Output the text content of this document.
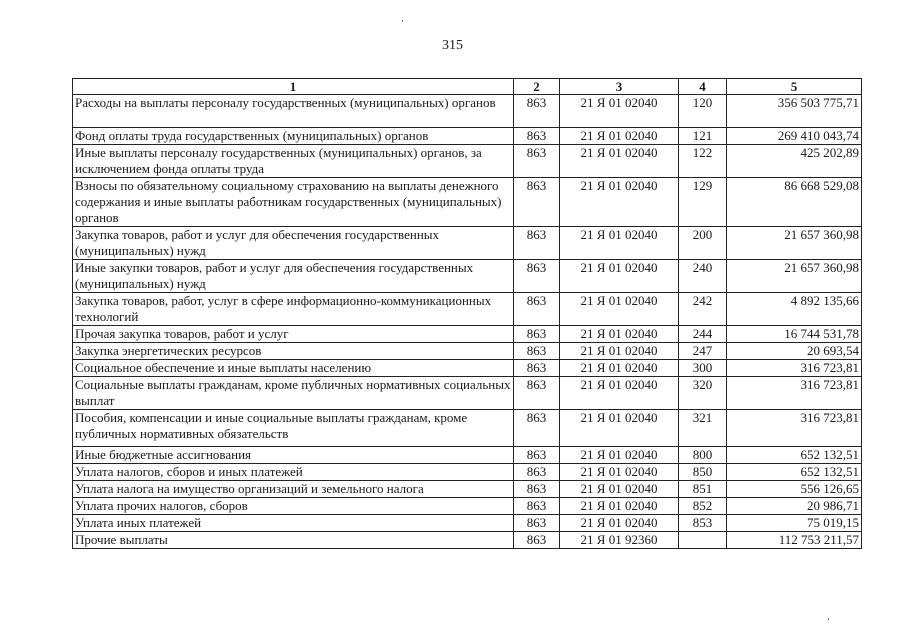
315
1	2	3	4	5
Расходы на выплаты персоналу государственных (муниципальных) органов	863	21 Я 01 02040	120	356 503 775,71
Фонд оплаты труда государственных (муниципальных) органов	863	21 Я 01 02040	121	269 410 043,74
Иные выплаты персоналу государственных (муниципальных) органов, за исключением фонда оплаты труда	863	21 Я 01 02040	122	425 202,89
Взносы по обязательному социальному страхованию на выплаты денежного содержания и иные выплаты работникам государственных (муниципальных) органов	863	21 Я 01 02040	129	86 668 529,08
Закупка товаров, работ и услуг для обеспечения государственных (муниципальных) нужд	863	21 Я 01 02040	200	21 657 360,98
Иные закупки товаров, работ и услуг для обеспечения государственных (муниципальных) нужд	863	21 Я 01 02040	240	21 657 360,98
Закупка товаров, работ, услуг в сфере информационно-коммуникационных технологий	863	21 Я 01 02040	242	4 892 135,66
Прочая закупка товаров, работ и услуг	863	21 Я 01 02040	244	16 744 531,78
Закупка энергетических ресурсов	863	21 Я 01 02040	247	20 693,54
Социальное обеспечение и иные выплаты населению	863	21 Я 01 02040	300	316 723,81
Социальные выплаты гражданам, кроме публичных нормативных социальных выплат	863	21 Я 01 02040	320	316 723,81
Пособия, компенсации и иные социальные выплаты гражданам, кроме публичных нормативных обязательств	863	21 Я 01 02040	321	316 723,81
Иные бюджетные ассигнования	863	21 Я 01 02040	800	652 132,51
Уплата налогов, сборов и иных платежей	863	21 Я 01 02040	850	652 132,51
Уплата налога на имущество организаций и земельного налога	863	21 Я 01 02040	851	556 126,65
Уплата прочих налогов, сборов	863	21 Я 01 02040	852	20 986,71
Уплата иных платежей	863	21 Я 01 02040	853	75 019,15
Прочие выплаты	863	21 Я 01 92360		112 753 211,57
